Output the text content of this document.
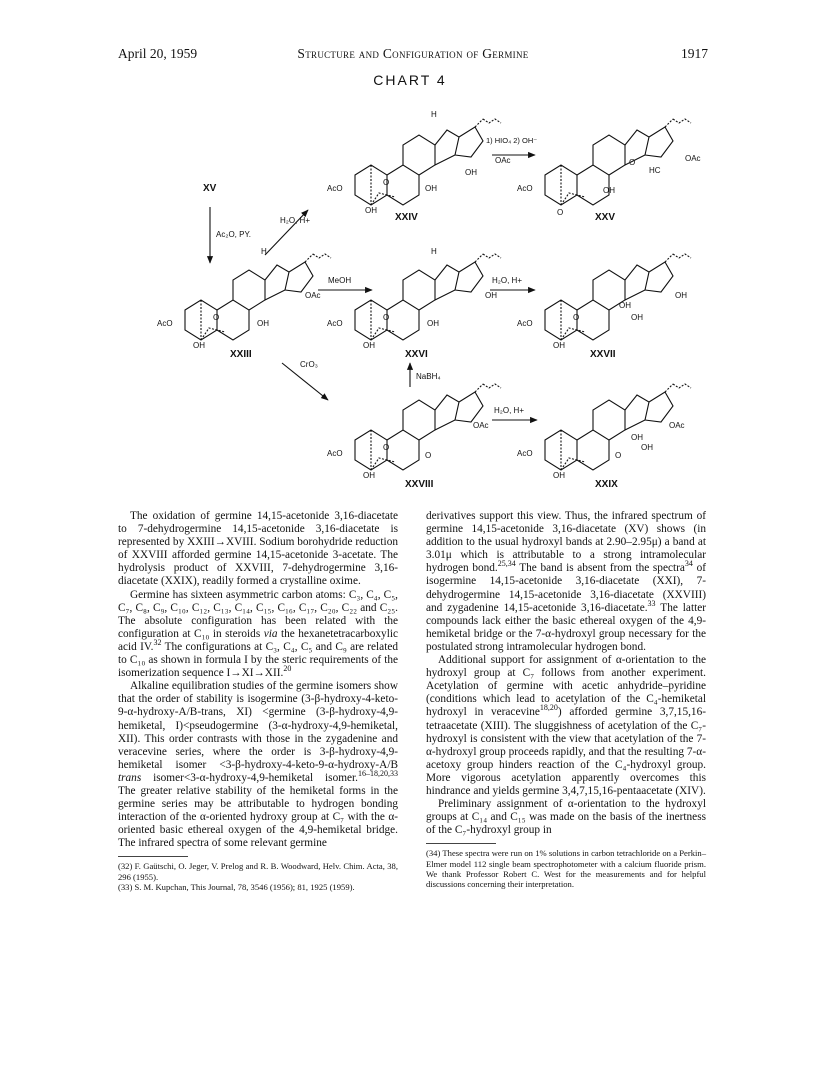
April 20, 1959	Structure and Configuration of Germine	1917
CHART 4
XV
XXIV	XXV
XXIII	XXVI	XXVII
XXVIII	XXIX
AcO
OAc
OH
OH
OH
H
O
AcO
OAc
HC
OH
O
O
AcO
OAc
OH
OH
H
O
AcO
OH
OH
OH
H
O
AcO
OH
OH
OH
OH
O
AcO
OAc
OH
O
O
AcO
OAc
OH
OH
OH
O
Ac₂O, PY.
H₂O, H+
1) HIO₄ 2) OH⁻
MeOH	H₂O, H+
CrO₃
NaBH₄
H₂O, H+

The oxidation of germine 14,15-acetonide 3,16-diacetate to 7-dehydrogermine 14,15-acetonide 3,16-diacetate is represented by XXIII→XVIII. Sodium borohydride reduction of XXVIII afforded germine 14,15-acetonide 3-acetate. The hydrolysis product of XXVIII, 7-dehydrogermine 3,16-diacetate (XXIX), readily formed a crystalline oxime.

Germine has sixteen asymmetric carbon atoms: C₃, C₄, C₅, C₇, C₈, C₉, C₁₀, C₁₂, C₁₃, C₁₄, C₁₅, C₁₆, C₁₇, C₂₀, C₂₂ and C₂₅. The absolute configuration has been related with the configuration at C₁₀ in steroids via the hexanetetracarboxylic acid IV.$^{32}$ The configurations at C₃, C₄, C₅ and C₉ are related to C₁₀ as shown in formula I by the steric requirements of the isomerization sequence I→XI→XII.$^{20}$

Alkaline equilibration studies of the germine isomers show that the order of stability is isogermine (3-β-hydroxy-4-keto-9-α-hydroxy-A/B-trans, XI) <germine (3-β-hydroxy-4,9-hemiketal, I)<pseudogermine (3-α-hydroxy-4,9-hemiketal, XII). This order contrasts with those in the zygadenine and veracevine series, where the order is 3-β-hydroxy-4,9-hemiketal isomer <3-β-hydroxy-4-keto-9-α-hydroxy-A/B trans isomer<3-α-hydroxy-4,9-hemiketal isomer.$^{16-18,20,33}$ The greater relative stability of the hemiketal forms in the germine series may be attributable to hydrogen bonding interaction of the α-oriented hydroxy group at C₇ with the α-oriented basic ethereal oxygen of the 4,9-hemiketal bridge. The infrared spectra of some relevant germine

(32) F. Gaütschi, O. Jeger, V. Prelog and R. B. Woodward, Helv. Chim. Acta, 38, 296 (1955).
(33) S. M. Kupchan, This Journal, 78, 3546 (1956); 81, 1925 (1959).

derivatives support this view. Thus, the infrared spectrum of germine 14,15-acetonide 3,16-diacetate (XV) shows (in addition to the usual hydroxyl bands at 2.90–2.95μ) a band at 3.01μ which is attributable to a strong intramolecular hydrogen bond.$^{25,34}$ The band is absent from the spectra$^{34}$ of isogermine 14,15-acetonide 3,16-diacetate (XXI), 7-dehydrogermine 14,15-acetonide 3,16-diacetate (XXVIII) and zygadenine 14,15-acetonide 3,16-diacetate.$^{33}$ The latter compounds lack either the basic ethereal oxygen of the 4,9-hemiketal bridge or the 7-α-hydroxyl group necessary for the postulated strong intramolecular hydrogen bond.

Additional support for assignment of α-orientation to the hydroxyl group at C₇ follows from another experiment. Acetylation of germine with acetic anhydride–pyridine (conditions which lead to acetylation of the C₄-hemiketal hydroxyl in veracevine$^{18,20}$) afforded germine 3,7,15,16-tetraacetate (XIII). The sluggishness of acetylation of the C₇-hydroxyl is consistent with the view that acetylation of the 7-α-hydroxyl group proceeds rapidly, and that the resulting 7-α-acetoxy group hinders reaction of the C₄-hydroxyl group. More vigorous acetylation apparently overcomes this hindrance and yields germine 3,4,7,15,16-pentaacetate (XIV).

Preliminary assignment of α-orientation to the hydroxyl groups at C₁₄ and C₁₅ was made on the basis of the inertness of the C₇-hydroxyl group in

(34) These spectra were run on 1% solutions in carbon tetrachloride on a Perkin–Elmer model 112 single beam spectrophotometer with a calcium fluoride prism. We thank Professor Robert C. West for the measurements and for helpful discussions concerning their interpretation.
